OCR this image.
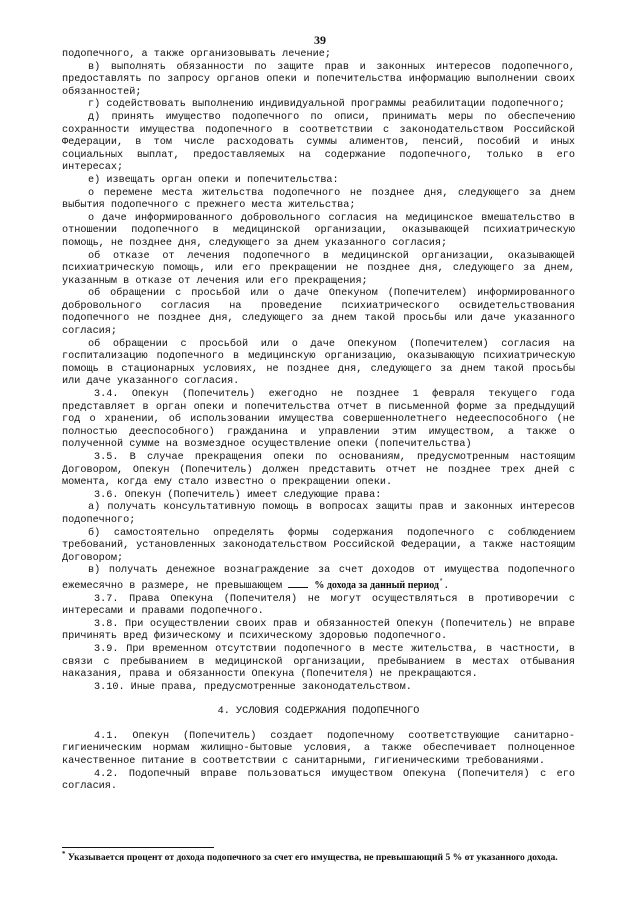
39

подопечного, а также организовывать лечение;

в) выполнять обязанности по защите прав и законных интересов подопечного, предоставлять по запросу органов опеки и попечительства информацию выполнении своих обязанностей;

г) содействовать выполнению индивидуальной программы реабилитации подопечного;

д) принять имущество подопечного по описи, принимать меры по обеспечению сохранности имущества подопечного в соответствии с законодательством Российской Федерации, в том числе расходовать суммы алиментов, пенсий, пособий и иных социальных выплат, предоставляемых на содержание подопечного, только в его интересах;

е) извещать орган опеки и попечительства:

о перемене места жительства подопечного не позднее дня, следующего за днем выбытия подопечного с прежнего места жительства;

о даче информированного добровольного согласия на медицинское вмешательство в отношении подопечного в медицинской организации, оказывающей психиатрическую помощь, не позднее дня, следующего за днем указанного согласия;

об отказе от лечения подопечного в медицинской организации, оказывающей психиатрическую помощь, или его прекращении не позднее дня, следующего за днем, указанным в отказе от лечения или его прекращения;

об обращении с просьбой или о даче Опекуном (Попечителем) информированного добровольного согласия на проведение психиатрического освидетельствования подопечного не позднее дня, следующего за днем такой просьбы или даче указанного согласия;

об обращении с просьбой или о даче Опекуном (Попечителем) согласия на госпитализацию подопечного в медицинскую организацию, оказывающую психиатрическую помощь в стационарных условиях, не позднее дня, следующего за днем такой просьбы или даче указанного согласия.

3.4. Опекун (Попечитель) ежегодно не позднее 1 февраля текущего года представляет в орган опеки и попечительства отчет в письменной форме за предыдущий год о хранении, об использовании имущества совершеннолетнего недееспособного (не полностью дееспособного) гражданина и управлении этим имуществом, а также о полученной сумме на возмездное осуществление опеки (попечительства)

3.5. В случае прекращения опеки по основаниям, предусмотренным настоящим Договором, Опекун (Попечитель) должен представить отчет не позднее трех дней с момента, когда ему стало известно о прекращении опеки.

3.6. Опекун (Попечитель) имеет следующие права:

а) получать консультативную помощь в вопросах защиты прав и законных интересов подопечного;

б) самостоятельно определять формы содержания подопечного с соблюдением требований, установленных законодательством Российской Федерации, а также настоящим Договором;

в) получать денежное вознаграждение за счет доходов от имущества подопечного ежемесячно в размере, не превышающем	% дохода за данный период*.

3.7. Права Опекуна (Попечителя) не могут осуществляться в противоречии с интересами и правами подопечного.

3.8. При осуществлении своих прав и обязанностей Опекун (Попечитель) не вправе причинять вред физическому и психическому здоровью подопечного.

3.9. При временном отсутствии подопечного в месте жительства, в частности, в связи с пребыванием в медицинской организации, пребыванием в местах отбывания наказания, права и обязанности Опекуна (Попечителя) не прекращаются.

3.10. Иные права, предусмотренные законодательством.

4. УСЛОВИЯ СОДЕРЖАНИЯ ПОДОПЕЧНОГО

4.1. Опекун (Попечитель) создает подопечному соответствующие санитарно-гигиеническим нормам жилищно-бытовые условия, а также обеспечивает полноценное качественное питание в соответствии с санитарными, гигиеническими требованиями.

4.2. Подопечный вправе пользоваться имуществом Опекуна (Попечителя) с его согласия.

* Указывается процент от дохода подопечного за счет его имущества, не превышающий 5 % от указанного дохода.
